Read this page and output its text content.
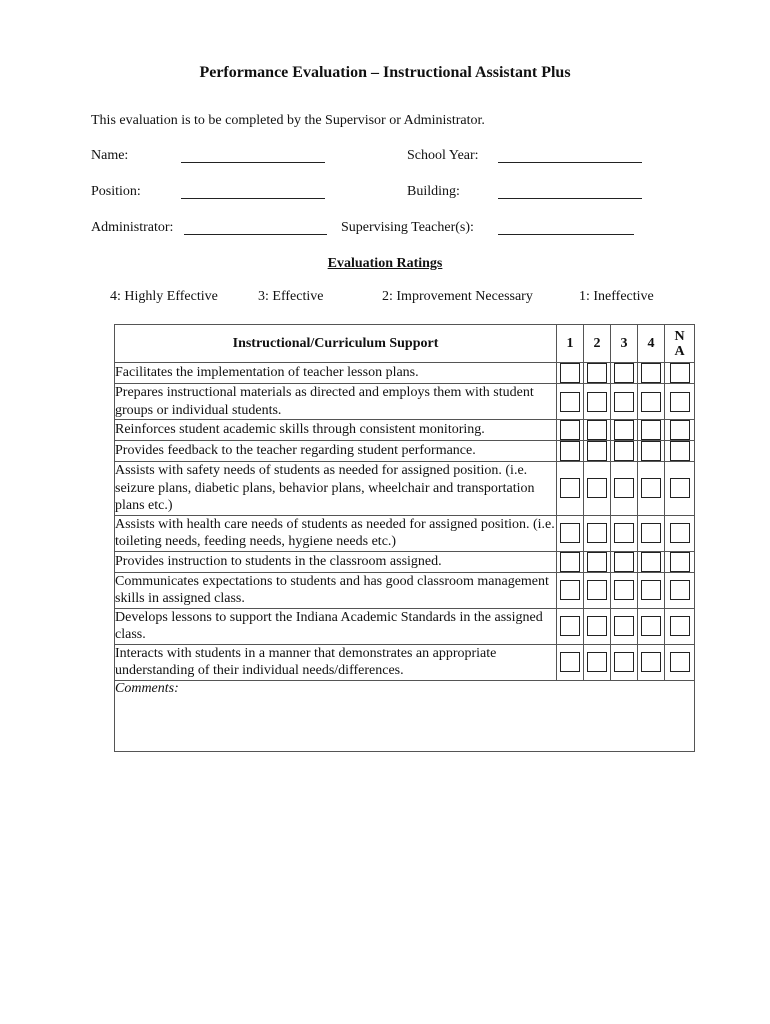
Performance Evaluation – Instructional Assistant Plus
This evaluation is to be completed by the Supervisor or Administrator.
Name:	School Year:
Position:	Building:
Administrator:	Supervising Teacher(s):
Evaluation Ratings
4: Highly Effective	3: Effective	2: Improvement Necessary	1: Ineffective
Instructional/Curriculum Support	1	2	3	4	N
A
Facilitates the implementation of teacher lesson plans.					
Prepares instructional materials as directed and employs them with student groups or individual students.					
Reinforces student academic skills through consistent monitoring.					
Provides feedback to the teacher regarding student performance.					
Assists with safety needs of students as needed for assigned position. (i.e. seizure plans, diabetic plans, behavior plans, wheelchair and transportation plans etc.)					
Assists with health care needs of students as needed for assigned position. (i.e. toileting needs, feeding needs, hygiene needs etc.)					
Provides instruction to students in the classroom assigned.					
Communicates expectations to students and has good classroom management skills in assigned class.					
Develops lessons to support the Indiana Academic Standards in the assigned class.					
Interacts with students in a manner that demonstrates an appropriate understanding of their individual needs/differences.					
Comments:					
